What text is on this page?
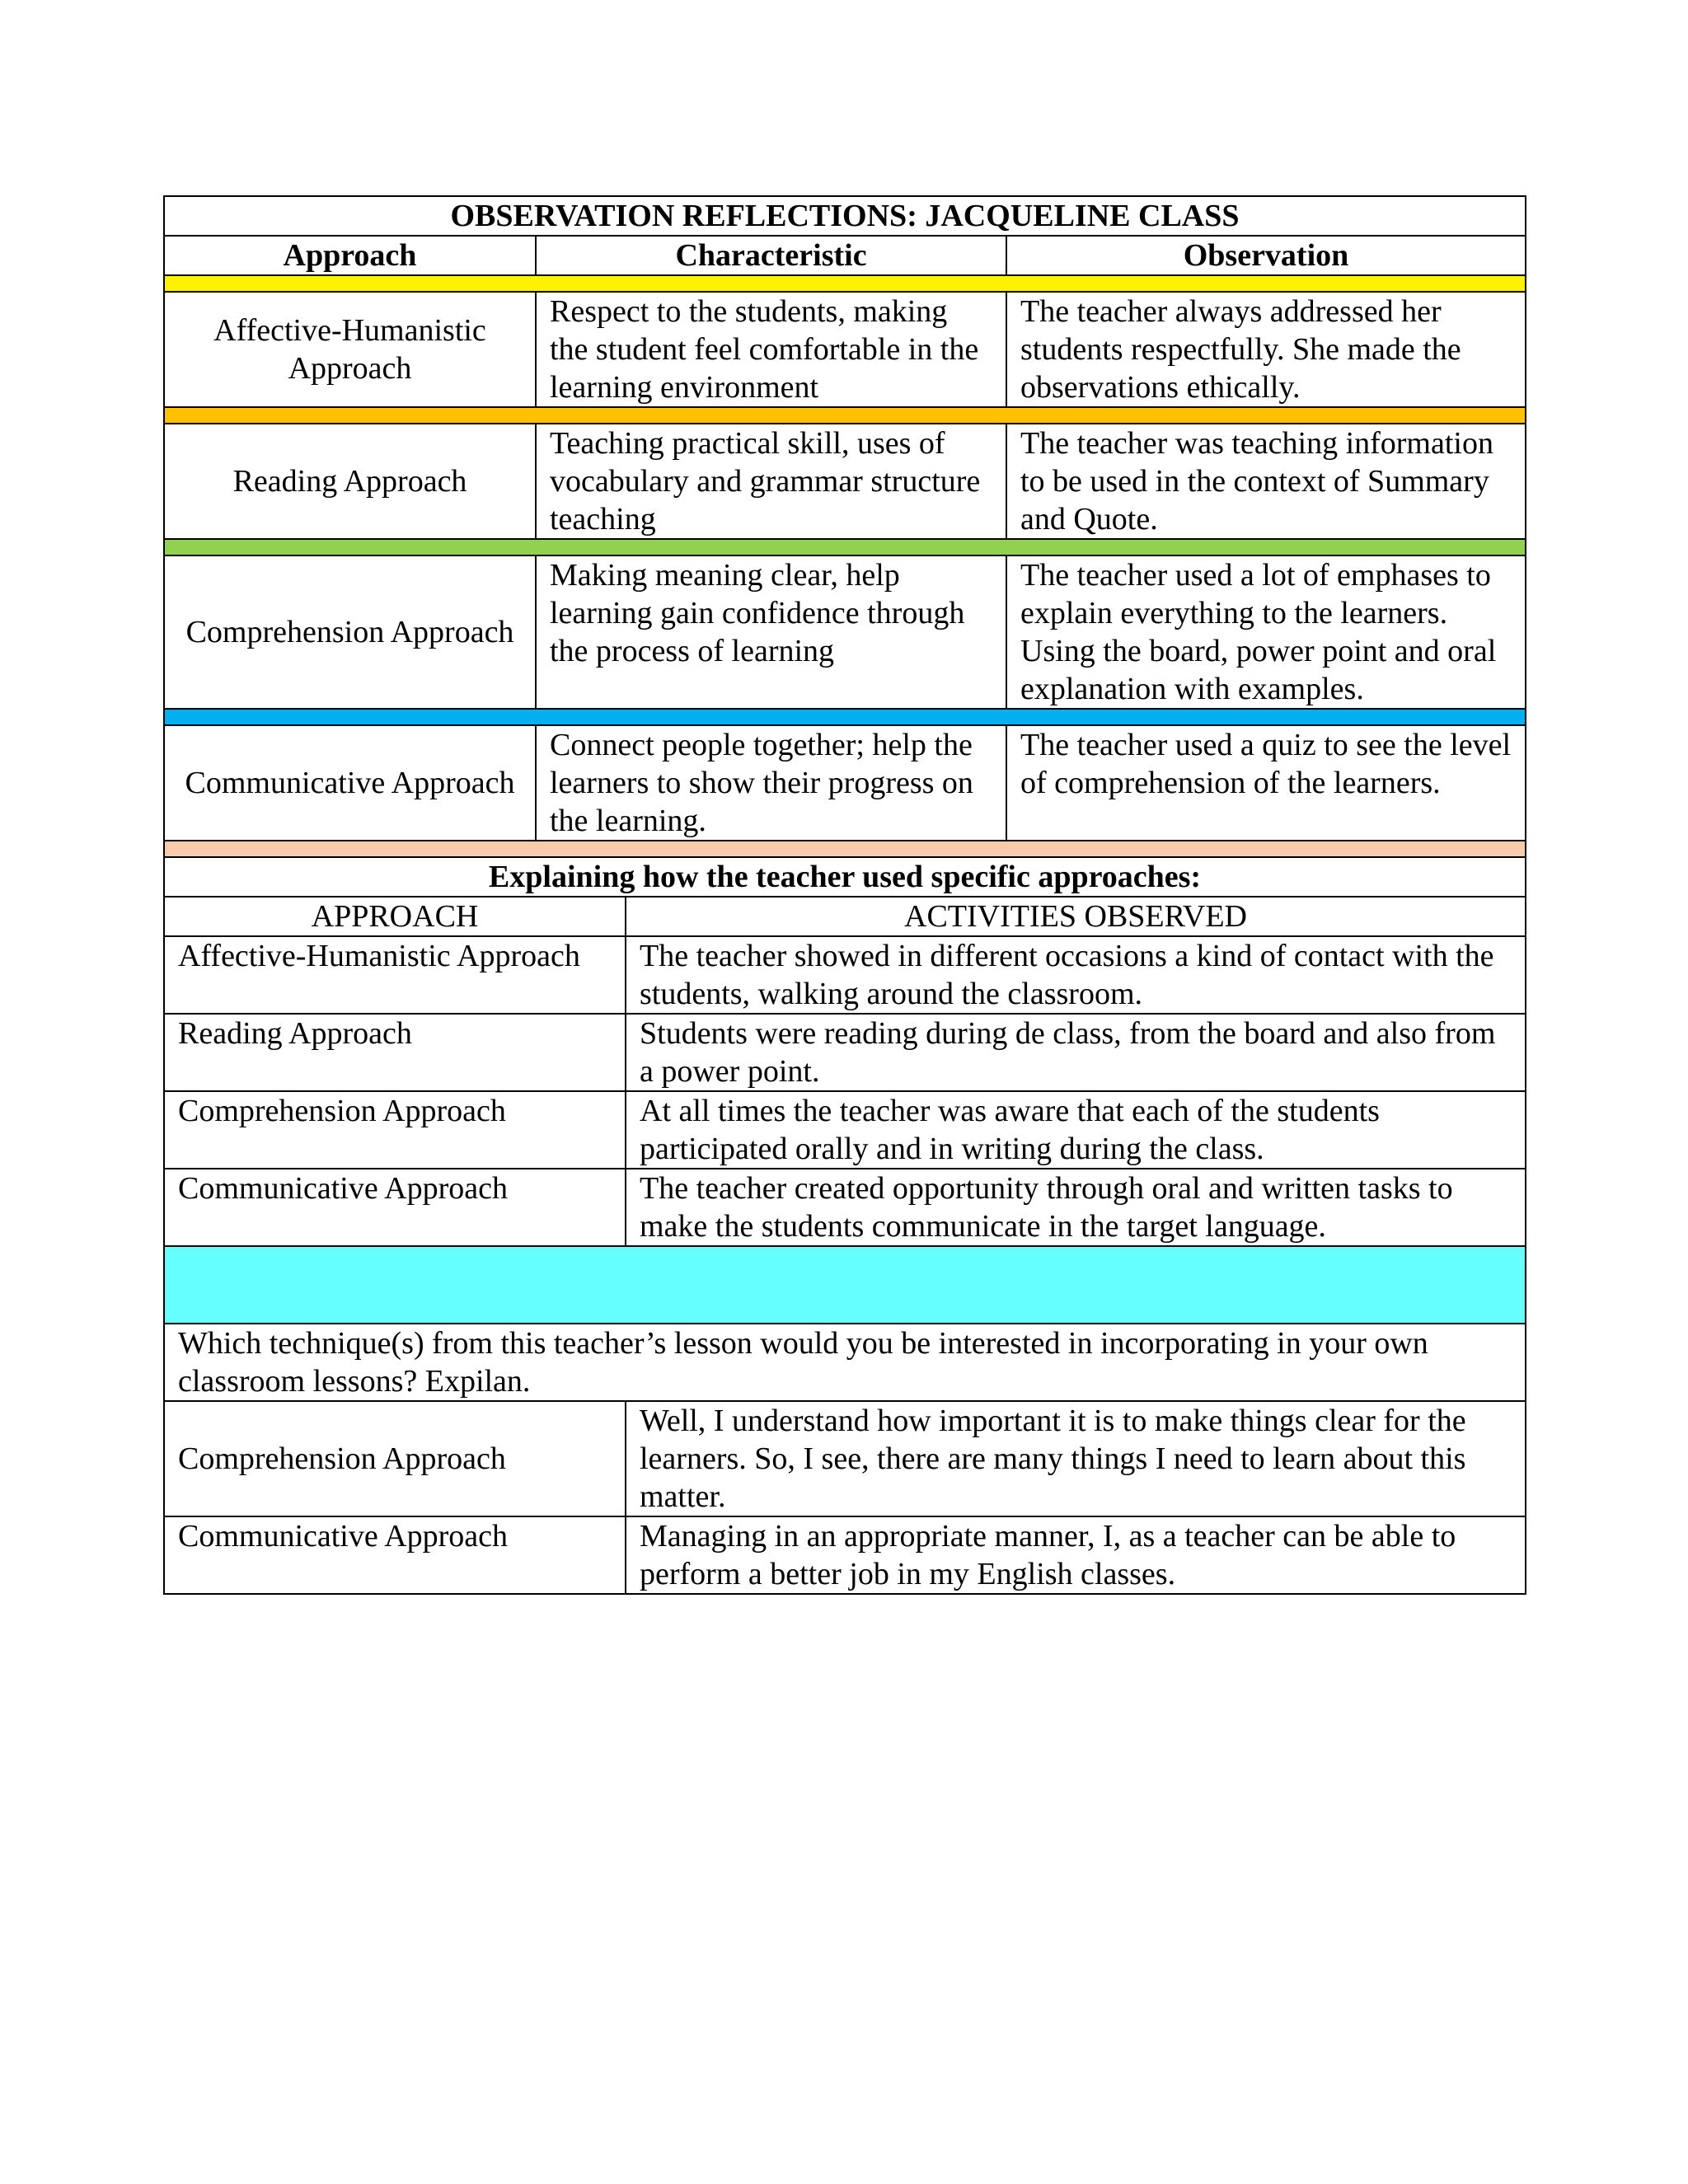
OBSERVATION REFLECTIONS: JACQUELINE CLASS		
Approach	Characteristic	Observation

Affective-Humanistic Approach	Respect to the students, making the student feel comfortable in the learning environment	The teacher always addressed her students respectfully. She made the observations ethically.

Reading Approach	Teaching practical skill, uses of vocabulary and grammar structure teaching	The teacher was teaching information to be used in the context of Summary and Quote.

Comprehension Approach	Making meaning clear, help learning gain confidence through the process of learning	The teacher used a lot of emphases to explain everything to the learners. Using the board, power point and oral explanation with examples.

Communicative Approach	Connect people together; help the learners to show their progress on the learning.	The teacher used a quiz to see the level of comprehension of the learners.

Explaining how the teacher used specific approaches:	
APPROACH	ACTIVITIES OBSERVED
Affective-Humanistic Approach	The teacher showed in different occasions a kind of contact with the students, walking around the classroom.
Reading Approach	Students were reading during de class, from the board and also from a power point.
Comprehension Approach	At all times the teacher was aware that each of the students participated orally and in writing during the class.
Communicative Approach	The teacher created opportunity through oral and written tasks to make the students communicate in the target language.

Which technique(s) from this teacher’s lesson would you be interested in incorporating in your own classroom lessons? Expilan.	
Comprehension Approach	Well, I understand how important it is to make things clear for the learners. So, I see, there are many things I need to learn about this matter.
Communicative Approach	Managing in an appropriate manner, I, as a teacher can be able to perform a better job in my English classes.
